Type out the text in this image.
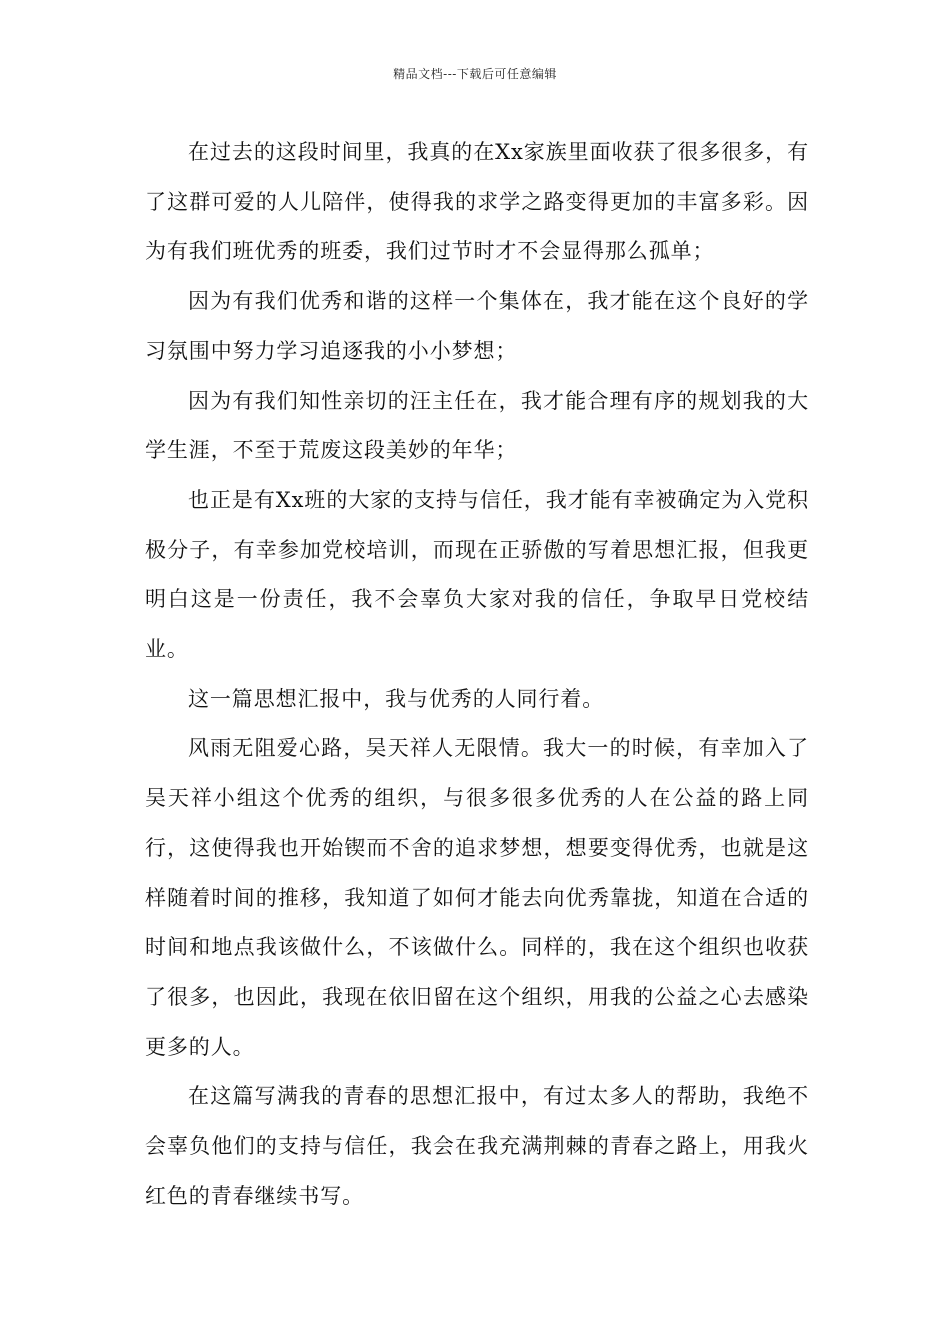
精品文档---下载后可任意编辑

在过去的这段时间里，我真的在Xx家族里面收获了很多很多，有了这群可爱的人儿陪伴，使得我的求学之路变得更加的丰富多彩。因为有我们班优秀的班委，我们过节时才不会显得那么孤单；

因为有我们优秀和谐的这样一个集体在，我才能在这个良好的学习氛围中努力学习追逐我的小小梦想；

因为有我们知性亲切的汪主任在，我才能合理有序的规划我的大学生涯，不至于荒废这段美妙的年华；

也正是有Xx班的大家的支持与信任，我才能有幸被确定为入党积极分子，有幸参加党校培训，而现在正骄傲的写着思想汇报，但我更明白这是一份责任，我不会辜负大家对我的信任，争取早日党校结业。

这一篇思想汇报中，我与优秀的人同行着。

风雨无阻爱心路，吴天祥人无限情。我大一的时候，有幸加入了吴天祥小组这个优秀的组织，与很多很多优秀的人在公益的路上同行，这使得我也开始锲而不舍的追求梦想，想要变得优秀，也就是这样随着时间的推移，我知道了如何才能去向优秀靠拢，知道在合适的时间和地点我该做什么，不该做什么。同样的，我在这个组织也收获了很多，也因此，我现在依旧留在这个组织，用我的公益之心去感染更多的人。

在这篇写满我的青春的思想汇报中，有过太多人的帮助，我绝不会辜负他们的支持与信任，我会在我充满荆棘的青春之路上，用我火红色的青春继续书写。
